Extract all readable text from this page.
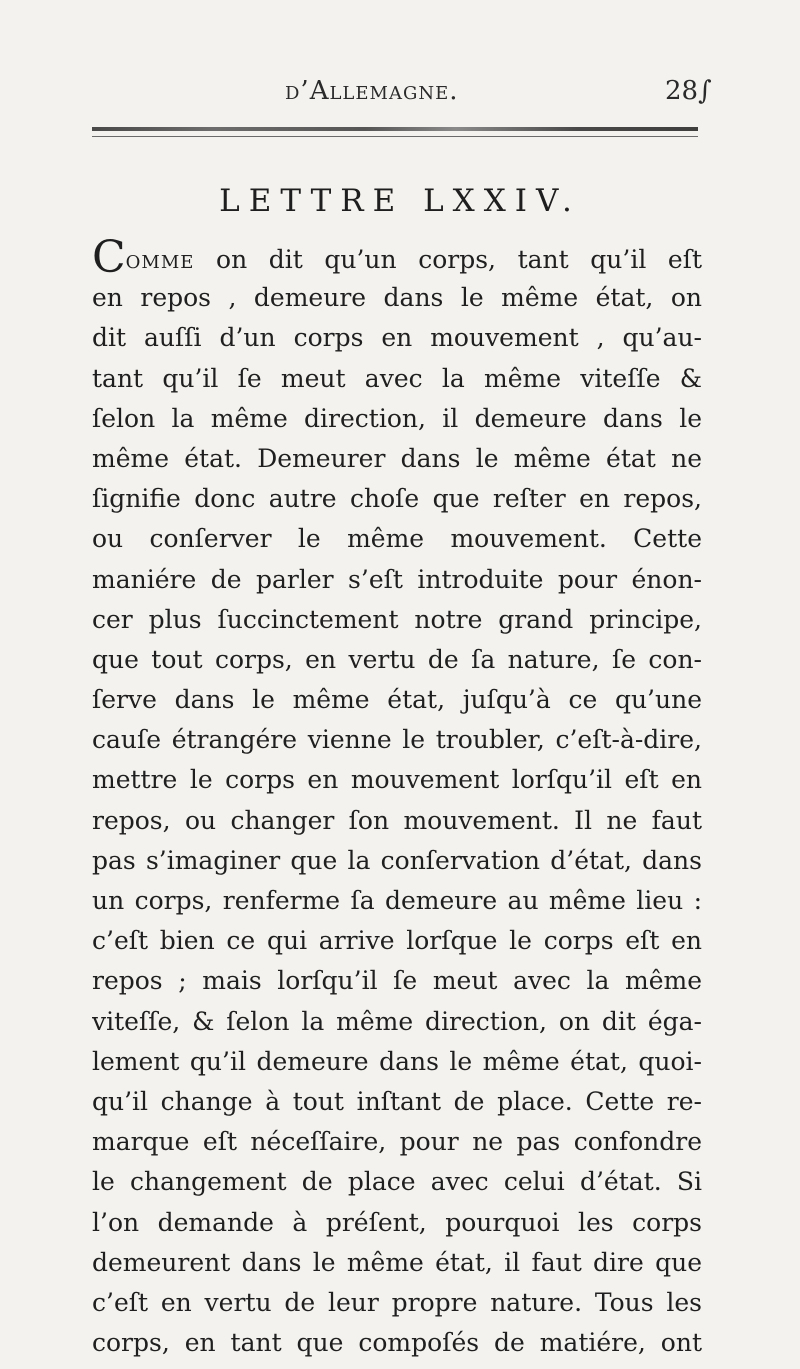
d’Allemagne.	28∫
LETTRE LXXIV.
Comme on dit qu’un corps, tant qu’il eſt
en repos , demeure dans le même état, on
dit auſſi d’un corps en mouvement , qu’au-
tant qu’il ſe meut avec la même viteſſe &
ſelon la même direction, il demeure dans le
même état. Demeurer dans le même état ne
ſignifie donc autre choſe que reſter en repos,
ou conſerver le même mouvement. Cette
maniére de parler s’eſt introduite pour énon-
cer plus ſuccinctement notre grand principe,
que tout corps, en vertu de ſa nature, ſe con-
ſerve dans le même état, juſqu’à ce qu’une
cauſe étrangére vienne le troubler, c’eſt-à-dire,
mettre le corps en mouvement lorſqu’il eſt en
repos, ou changer ſon mouvement. Il ne faut
pas s’imaginer que la conſervation d’état, dans
un corps, renferme ſa demeure au même lieu :
c’eſt bien ce qui arrive lorſque le corps eſt en
repos ; mais lorſqu’il ſe meut avec la même
viteſſe, & ſelon la même direction, on dit éga-
lement qu’il demeure dans le même état, quoi-
qu’il change à tout inſtant de place. Cette re-
marque eſt néceſſaire, pour ne pas confondre
le changement de place avec celui d’état. Si
l’on demande à préſent, pourquoi les corps
demeurent dans le même état, il faut dire que
c’eſt en vertu de leur propre nature. Tous les
corps, en tant que compoſés de matiére, ont
